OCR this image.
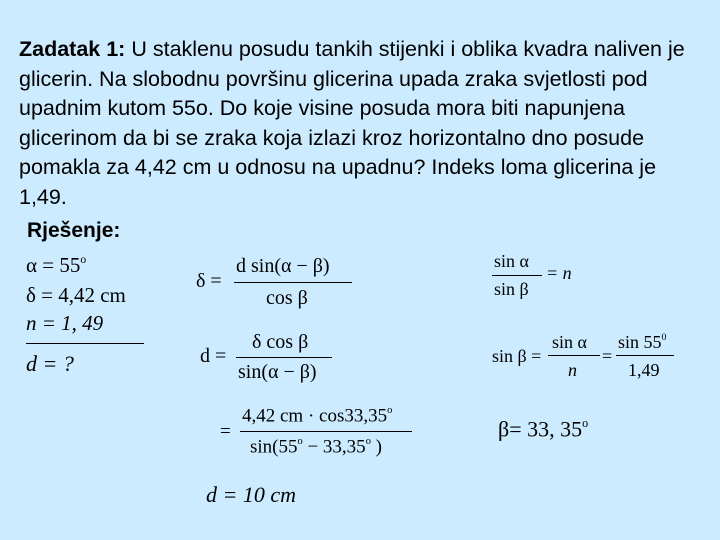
Zadatak 1: U staklenu posudu tankih stijenki i oblika kvadra naliven je glicerin. Na slobodnu površinu glicerina upada zraka svjetlosti pod upadnim kutom 55o. Do koje visine posuda mora biti napunjena glicerinom da bi se zraka koja izlazi kroz horizontalno dno posude pomakla za 4,42 cm u odnosu na upadnu? Indeks loma glicerina je 1,49.
Rješenje:
$\alpha = 55^o$
δ = 4,42 cm
n = 1, 49
d = ?
δ =
d sin(α − β)
cos β
d =
δ cos β
sin(α − β)
sin α
sin β
= n
sin β =
sin α
n
=
$\sin 55^0$
1,49
=
4,42 cm · $\cos 33,35^o$
$\sin(55^o - 33,35^o$ )
β= 33, 35$^o$
d = 10 cm
